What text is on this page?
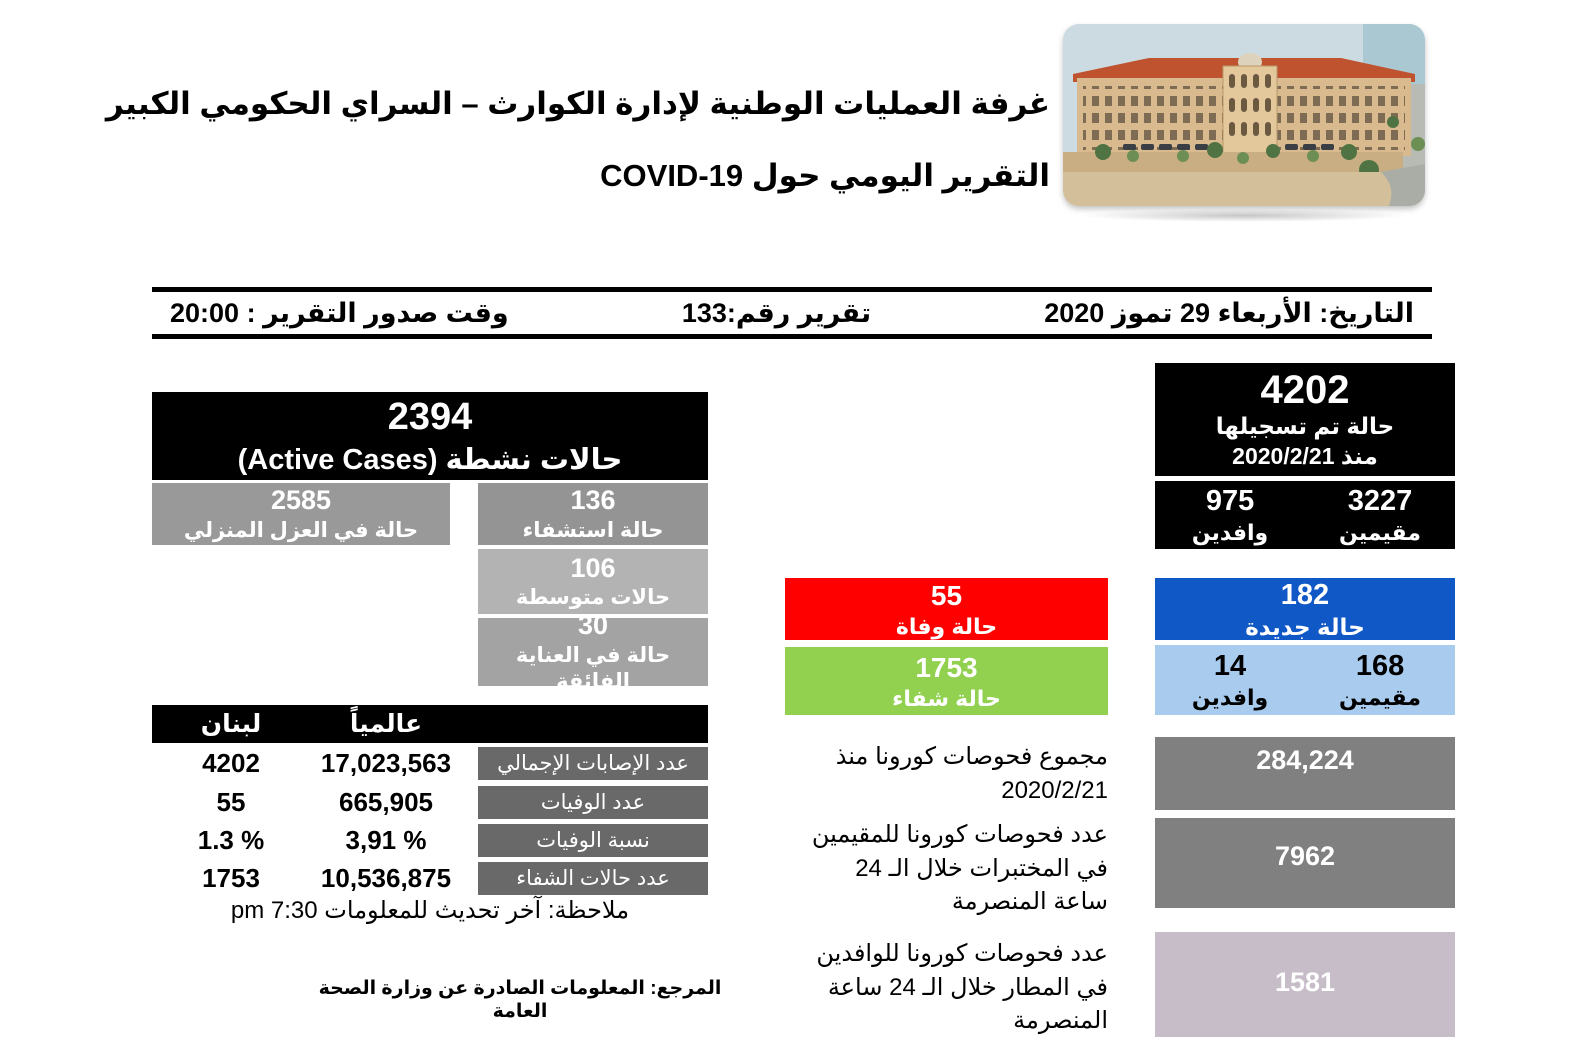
غرفة العمليات الوطنية لإدارة الكوارث – السراي الحكومي الكبير
التقرير اليومي حول COVID-19
التاريخ: الأربعاء 29 تموز 2020
تقرير رقم:133
وقت صدور التقرير : 20:00
4202
حالة تم تسجيلها
منذ 2020/2/21
3227
مقيمين
975
وافدين
182
حالة جديدة
168
مقيمين
14
وافدين
284,224
7962
1581
55
حالة وفاة
1753
حالة شفاء
مجموع فحوصات كورونا منذ 2020/2/21
عدد فحوصات كورونا للمقيمين في المختبرات خلال الـ 24 ساعة المنصرمة
عدد فحوصات كورونا للوافدين في المطار خلال الـ 24 ساعة المنصرمة
2394
حالات نشطة (Active Cases)
2585
حالة في العزل المنزلي
136
حالة استشفاء
106
حالات متوسطة
30
حالة في العناية الفائقة
لبنان	عالمياً
4202	17,023,563	عدد الإصابات الإجمالي
55	665,905	عدد الوفيات
1.3 %	3,91 %	نسبة الوفيات
1753	10,536,875	عدد حالات الشفاء
ملاحظة: آخر تحديث للمعلومات 7:30 pm
المرجع: المعلومات الصادرة عن وزارة الصحة العامة
